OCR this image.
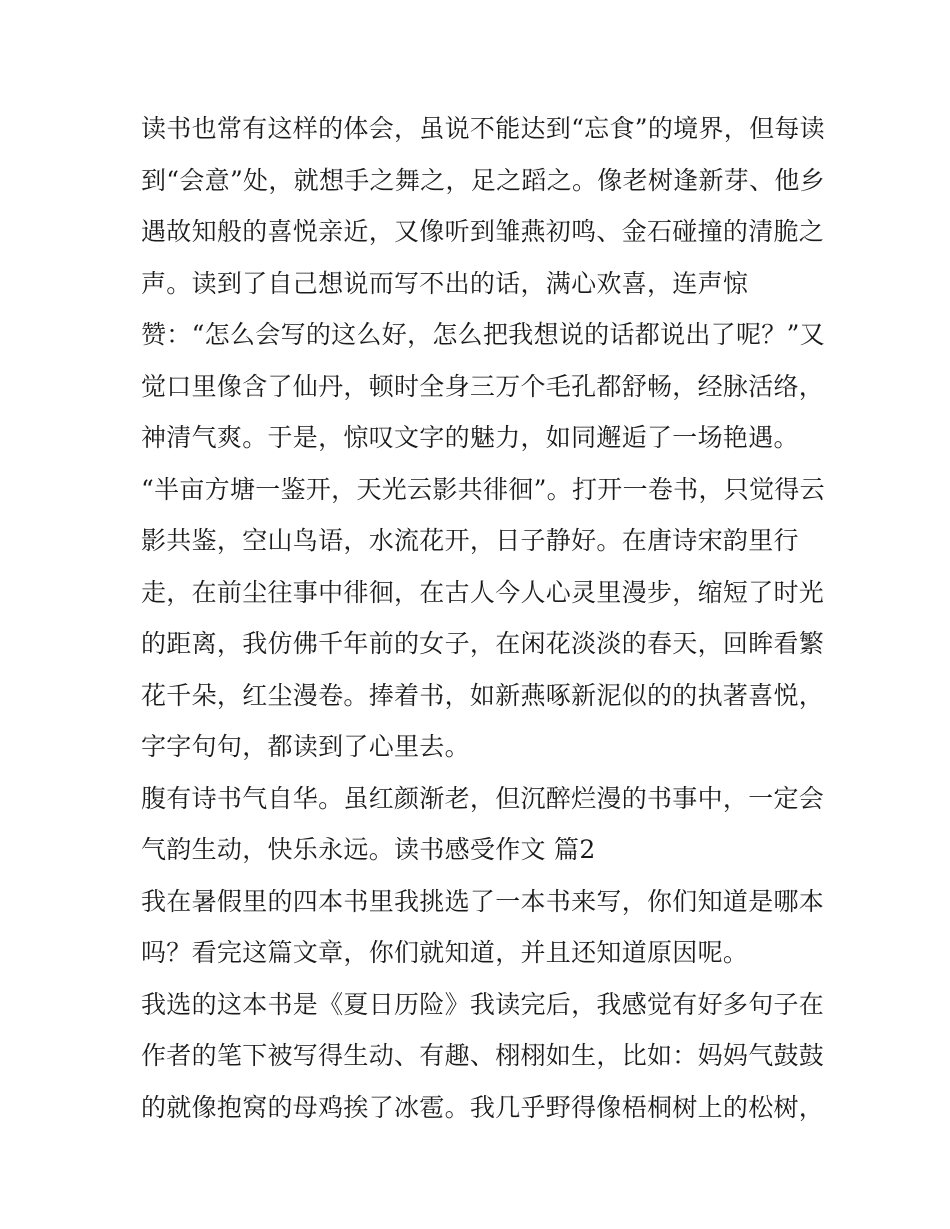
读书也常有这样的体会，虽说不能达到“忘食”的境界，但每读
到“会意”处，就想手之舞之，足之蹈之。像老树逢新芽、他乡
遇故知般的喜悦亲近，又像听到雏燕初鸣、金石碰撞的清脆之
声。读到了自己想说而写不出的话，满心欢喜，连声惊
赞：“怎么会写的这么好，怎么把我想说的话都说出了呢？”又
觉口里像含了仙丹，顿时全身三万个毛孔都舒畅，经脉活络，
神清气爽。于是，惊叹文字的魅力，如同邂逅了一场艳遇。
“半亩方塘一鉴开，天光云影共徘徊”。打开一卷书，只觉得云
影共鉴，空山鸟语，水流花开，日子静好。在唐诗宋韵里行
走，在前尘往事中徘徊，在古人今人心灵里漫步，缩短了时光
的距离，我仿佛千年前的女子，在闲花淡淡的春天，回眸看繁
花千朵，红尘漫卷。捧着书，如新燕啄新泥似的的执著喜悦，
字字句句，都读到了心里去。
腹有诗书气自华。虽红颜渐老，但沉醉烂漫的书事中，一定会
气韵生动，快乐永远。读书感受作文 篇2
我在暑假里的四本书里我挑选了一本书来写，你们知道是哪本
吗？看完这篇文章，你们就知道，并且还知道原因呢。
我选的这本书是《夏日历险》我读完后，我感觉有好多句子在
作者的笔下被写得生动、有趣、栩栩如生，比如：妈妈气鼓鼓
的就像抱窝的母鸡挨了冰雹。我几乎野得像梧桐树上的松树，
